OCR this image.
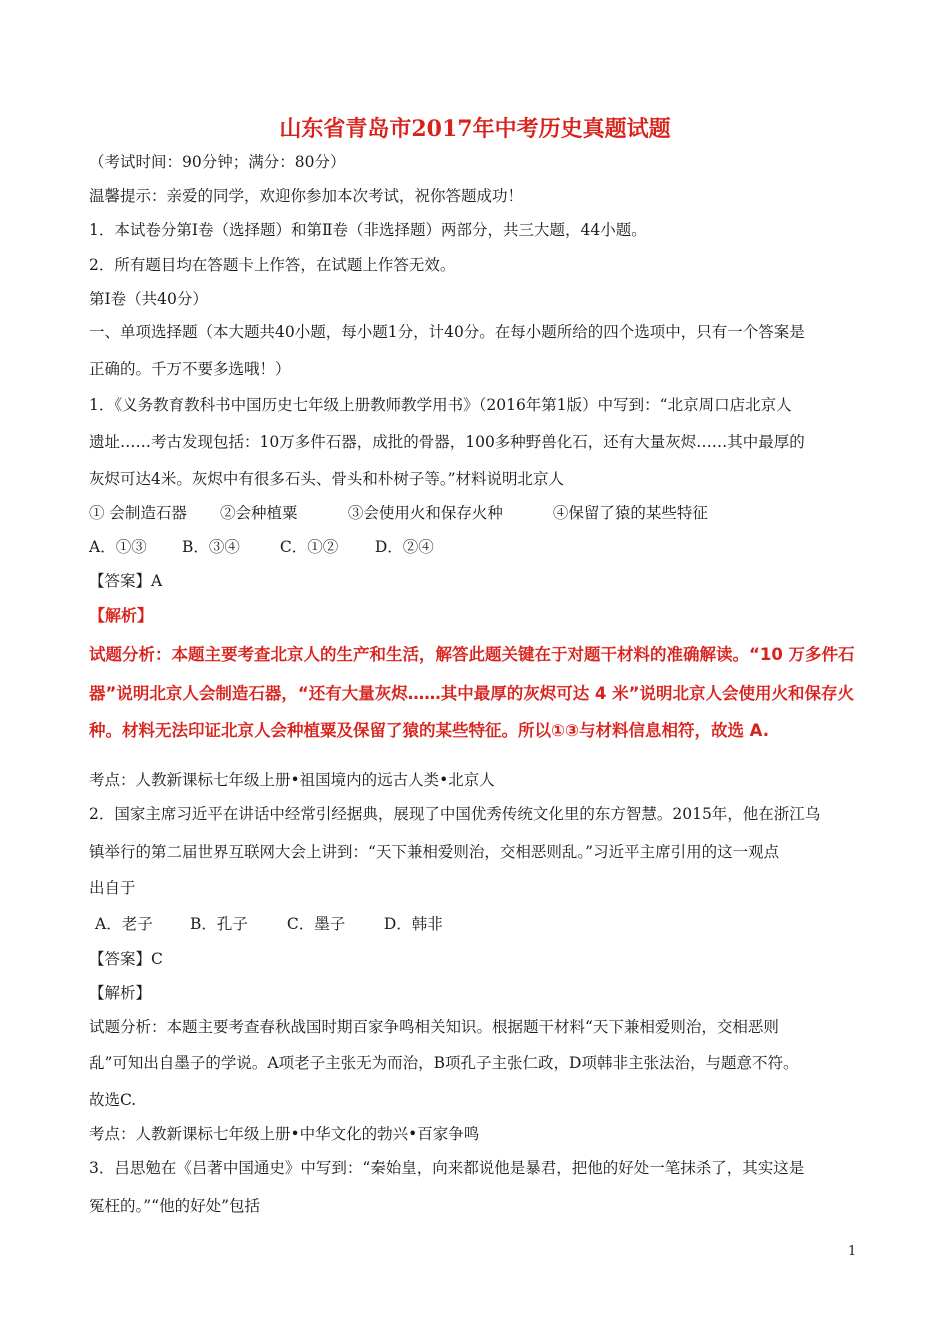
山东省青岛市2017年中考历史真题试题
（考试时间：90分钟；满分：80分）
温馨提示：亲爱的同学，欢迎你参加本次考试，祝你答题成功！
1．本试卷分第Ⅰ卷（选择题）和第Ⅱ卷（非选择题）两部分，共三大题，44小题。
2．所有题目均在答题卡上作答，在试题上作答无效。
第Ⅰ卷（共40分）
一、单项选择题（本大题共40小题，每小题1分，计40分。在每小题所给的四个选项中，只有一个答案是
正确的。千万不要多选哦！）
1．《义务教育教科书中国历史七年级上册教师教学用书》（2016年第1版）中写到：“北京周口店北京人
遗址……考古发现包括：10万多件石器，成批的骨器，100多种野兽化石，还有大量灰烬……其中最厚的
灰烬可达4米。灰烬中有很多石头、骨头和朴树子等。”材料说明北京人
① 会制造石器 ②会种植粟	③会使用火和保存火种	④保留了猿的某些特征
A．①③ B．③④	C．①② D．②④
【答案】A
【解析】
试题分析：本题主要考查北京人的生产和生活，解答此题关键在于对题干材料的准确解读。“10 万多件石
器”说明北京人会制造石器，“还有大量灰烬……其中最厚的灰烬可达 4 米”说明北京人会使用火和保存火
种。材料无法印证北京人会种植粟及保留了猿的某些特征。所以①③与材料信息相符，故选 A.
考点：人教新课标七年级上册•祖国境内的远古人类•北京人
2．国家主席习近平在讲话中经常引经据典，展现了中国优秀传统文化里的东方智慧。2015年，他在浙江乌
镇举行的第二届世界互联网大会上讲到：“天下兼相爱则治，交相恶则乱。”习近平主席引用的这一观点
出自于
A．老子 B．孔子	C．墨子 D．韩非
【答案】C
【解析】
试题分析：本题主要考查春秋战国时期百家争鸣相关知识。根据题干材料“天下兼相爱则治，交相恶则
乱”可知出自墨子的学说。A项老子主张无为而治，B项孔子主张仁政，D项韩非主张法治，与题意不符。
故选C.
考点：人教新课标七年级上册•中华文化的勃兴•百家争鸣
3．吕思勉在《吕著中国通史》中写到：“秦始皇，向来都说他是暴君，把他的好处一笔抹杀了，其实这是
冤枉的。”“他的好处”包括
1
